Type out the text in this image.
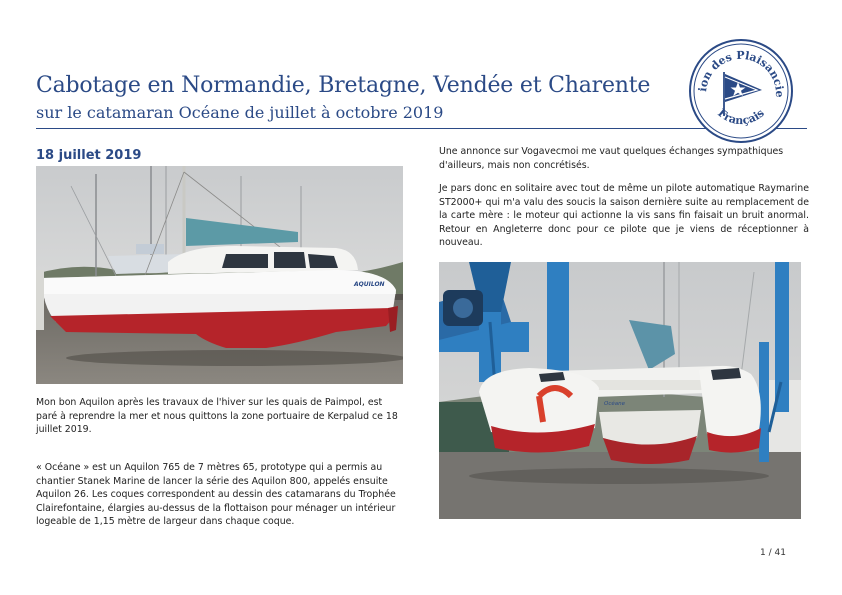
Cabotage en Normandie, Bretagne, Vendée et Charente
sur le catamaran Océane de juillet à octobre 2019
ion des Plaisancie
Français
18 juillet 2019
AQUILON
Océane
Mon bon Aquilon après les travaux de l'hiver sur les quais de Paimpol, est paré à reprendre la mer et nous quittons la zone portuaire de Kerpalud ce 18 juillet 2019.
« Océane » est un Aquilon 765 de 7 mètres 65, prototype qui a permis au chantier Stanek Marine de lancer la série des Aquilon 800, appelés ensuite Aquilon 26. Les coques correspondent au dessin des catamarans du Trophée Clairefontaine, élargies au-dessus de la flottaison pour ménager un intérieur logeable de 1,15 mètre de largeur dans chaque coque.
Une annonce sur Vogavecmoi me vaut quelques échanges sympathiques d'ailleurs, mais non concrétisés.
Je pars donc en solitaire avec tout de même un pilote automatique Raymarine ST2000+ qui m'a valu des soucis la saison dernière suite au remplacement de la carte mère : le moteur qui actionne la vis sans fin faisait un bruit anormal. Retour en Angleterre donc pour ce pilote que je viens de réceptionner à nouveau.
1 / 41
